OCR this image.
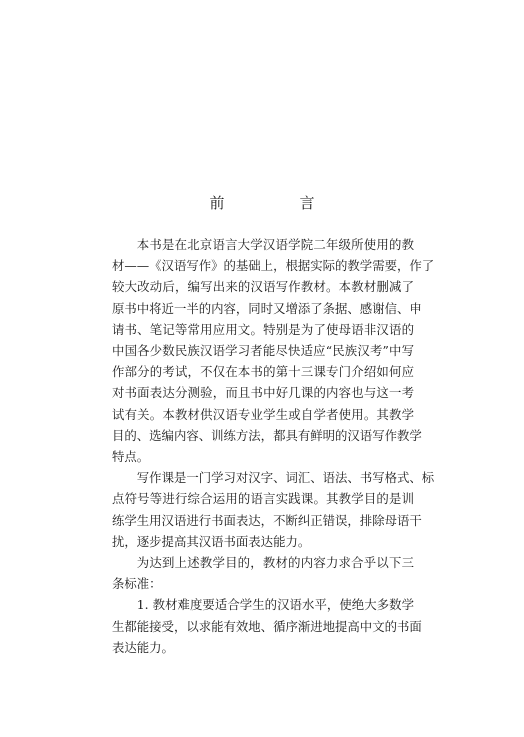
前　言
本书是在北京语言大学汉语学院二年级所使用的教
材——《汉语写作》的基础上，根据实际的教学需要，作了
较大改动后，编写出来的汉语写作教材。本教材删减了
原书中将近一半的内容，同时又增添了条据、感谢信、申
请书、笔记等常用应用文。特别是为了使母语非汉语的
中国各少数民族汉语学习者能尽快适应“民族汉考”中写
作部分的考试，不仅在本书的第十三课专门介绍如何应
对书面表达分测验，而且书中好几课的内容也与这一考
试有关。本教材供汉语专业学生或自学者使用。其教学
目的、选编内容、训练方法，都具有鲜明的汉语写作教学
特点。
写作课是一门学习对汉字、词汇、语法、书写格式、标
点符号等进行综合运用的语言实践课。其教学目的是训
练学生用汉语进行书面表达，不断纠正错误，排除母语干
扰，逐步提高其汉语书面表达能力。
为达到上述教学目的，教材的内容力求合乎以下三
条标准：
1. 教材难度要适合学生的汉语水平，使绝大多数学
生都能接受，以求能有效地、循序渐进地提高中文的书面
表达能力。
